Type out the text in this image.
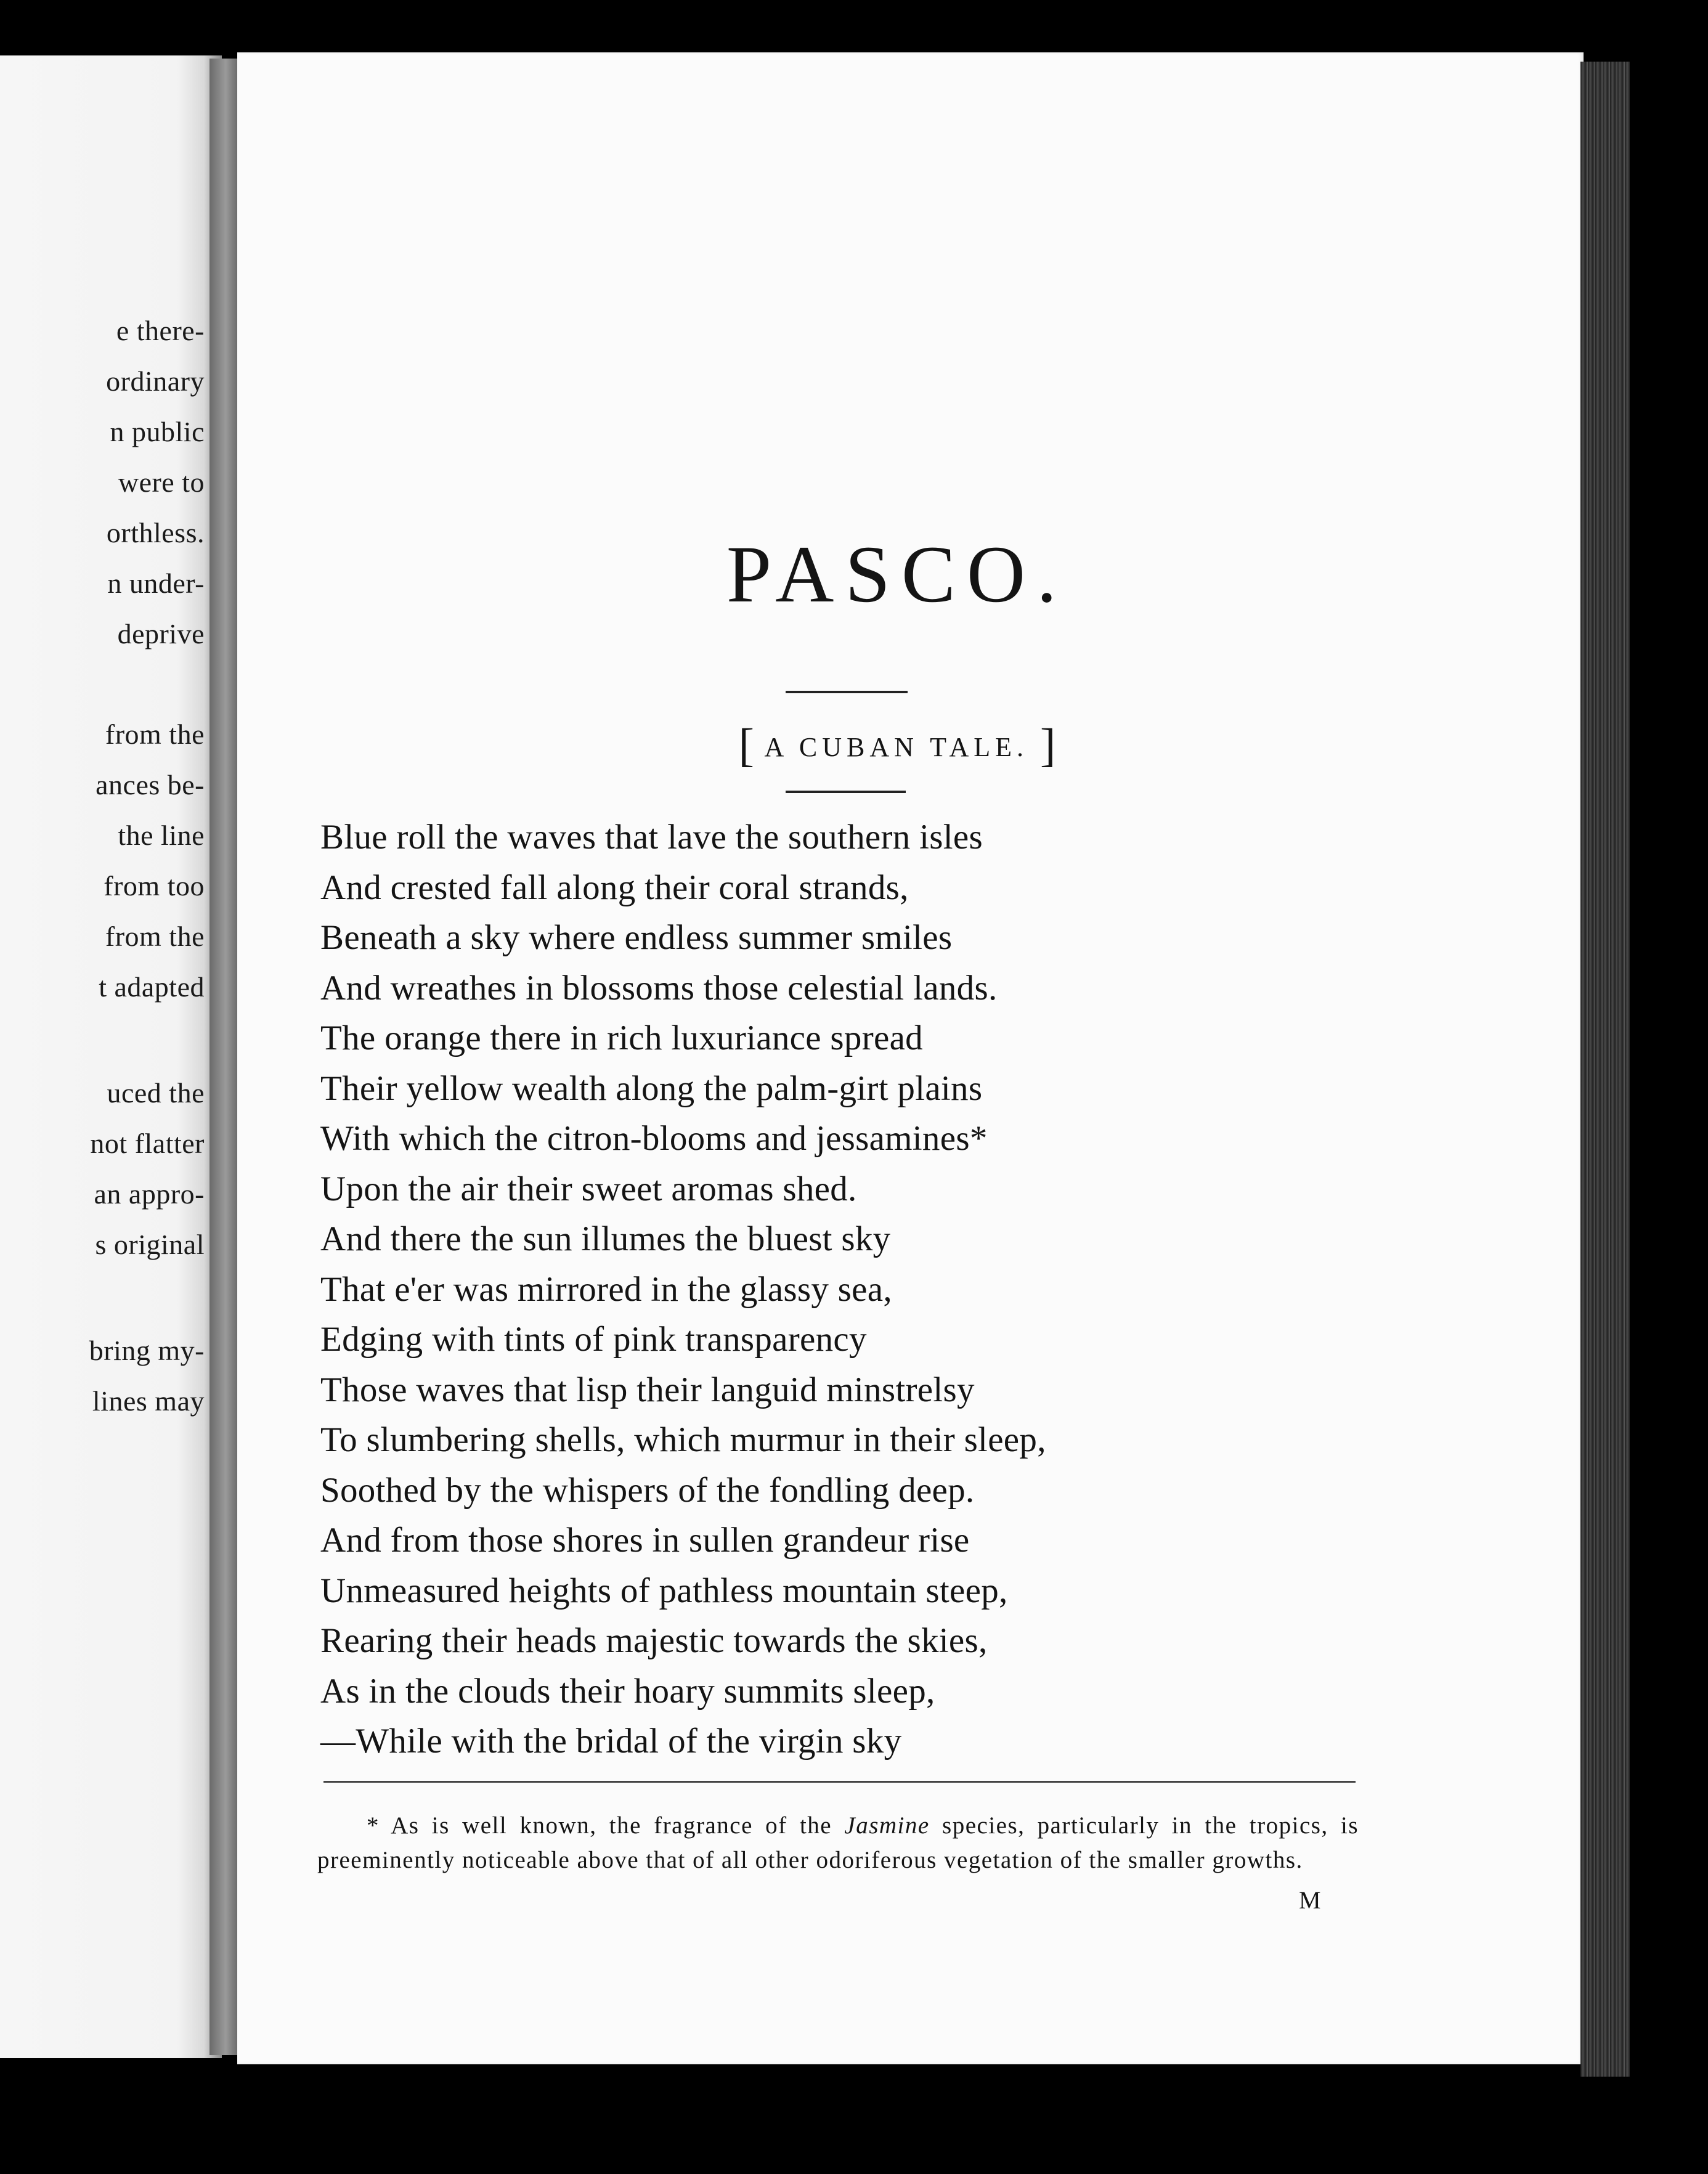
e there-
ordinary
n public
were to
orthless.
n under-
deprive
from the
ances be-
the line
from too
from the
t adapted
uced the
not flatter
an appro-
s original
bring my-
lines may
PASCO.
[ A CUBAN TALE. ]
Blue roll the waves that lave the southern isles
And crested fall along their coral strands,
Beneath a sky where endless summer smiles
And wreathes in blossoms those celestial lands.
The orange there in rich luxuriance spread
Their yellow wealth along the palm-girt plains
With which the citron-blooms and jessamines*
Upon the air their sweet aromas shed.
And there the sun illumes the bluest sky
That e'er was mirrored in the glassy sea,
Edging with tints of pink transparency
Those waves that lisp their languid minstrelsy
To slumbering shells, which murmur in their sleep,
Soothed by the whispers of the fondling deep.
And from those shores in sullen grandeur rise
Unmeasured heights of pathless mountain steep,
Rearing their heads majestic towards the skies,
As in the clouds their hoary summits sleep,
—While with the bridal of the virgin sky

* As is well known, the fragrance of the Jasmine species, particularly in the tropics, is preeminently noticeable above that of all other odoriferous vegetation of the smaller growths.

M
